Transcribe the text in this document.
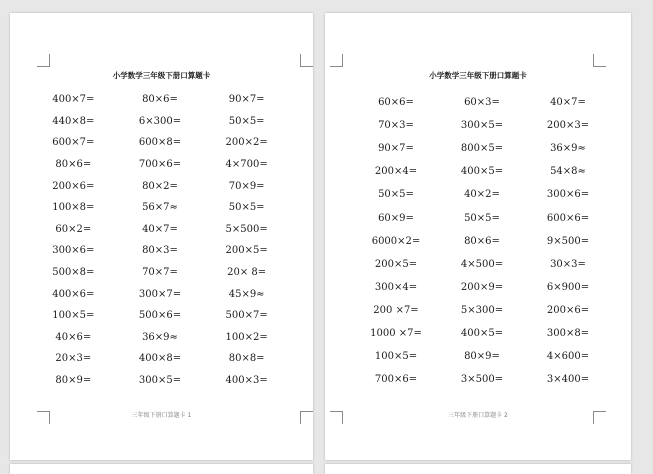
小学数学三年级下册口算题卡
400×7=	80×6=	90×7=
440×8=	6×300=	50×5=
600×7=	600×8=	200×2=
80×6=	700×6=	4×700=
200×6=	80×2=	70×9=
100×8=	56×7≈	50×5=
60×2=	40×7=	5×500=
300×6=	80×3=	200×5=
500×8=	70×7=	20× 8=
400×6=	300×7=	45×9≈
100×5=	500×6=	500×7=
40×6=	36×9≈	100×2=
20×3=	400×8=	80×8=
80×9=	300×5=	400×3=
三年级下册口算题卡 1
小学数学三年级下册口算题卡
60×6=	60×3=	40×7=
70×3=	300×5=	200×3=
90×7=	800×5=	36×9≈
200×4=	400×5=	54×8≈
50×5=	40×2=	300×6=
60×9=	50×5=	600×6=
6000×2=	80×6=	9×500=
200×5=	4×500=	30×3=
300×4=	200×9=	6×900=
200 ×7=	5×300=	200×6=
1000 ×7=	400×5=	300×8=
100×5=	80×9=	4×600=
700×6=	3×500=	3×400=
三年级下册口算题卡 2
